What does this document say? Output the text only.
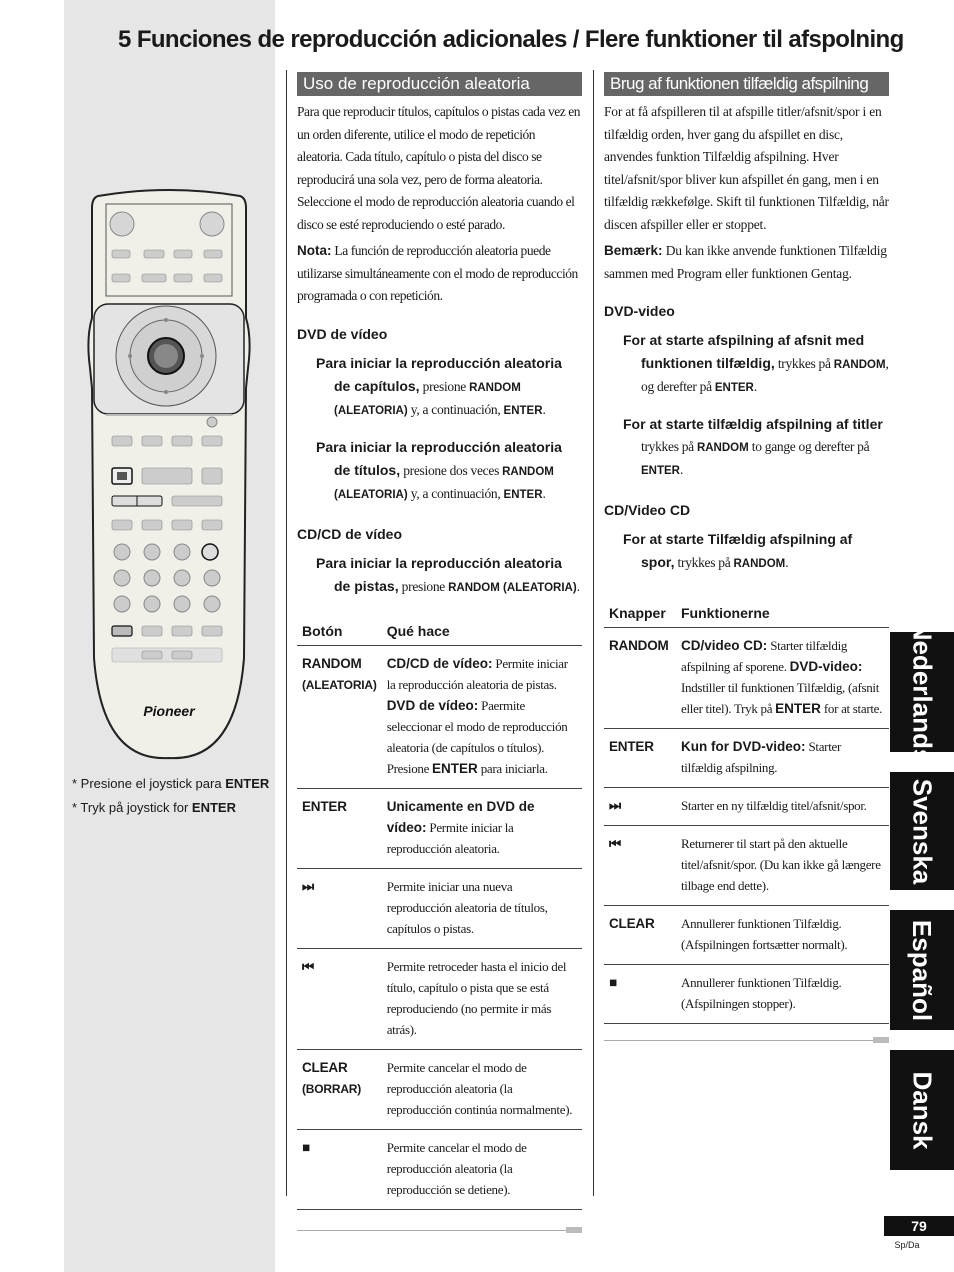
5 Funciones de reproducción adicionales / Flere funktioner til afspolning
Pioneer
* Presione el joystick para ENTER
* Tryk på joystick for ENTER
Uso de reproducción aleatoria

Para que reproducir títulos, capítulos o pistas cada vez en un orden diferente, utilice el modo de repetición aleatoria. Cada título, capítulo o pista del disco se reproducirá una sola vez, pero de forma aleatoria. Seleccione el modo de reproducción aleatoria cuando el disco se esté reproduciendo o esté parado.

Nota: La función de reproducción aleatoria puede utilizarse simultáneamente con el modo de reproducción programada o con repetición.

DVD de vídeo

Para iniciar la reproducción aleatoria de capítulos, presione RANDOM (ALEATORIA) y, a continuación, ENTER.

Para iniciar la reproducción aleatoria de títulos, presione dos veces RANDOM (ALEATORIA) y, a continuación, ENTER.

CD/CD de vídeo

Para iniciar la reproducción aleatoria de pistas, presione RANDOM (ALEATORIA).

Botón	Qué hace
RANDOM
(ALEATORIA)	CD/CD de vídeo: Permite iniciar la reproducción aleatoria de pistas.
DVD de vídeo: Paermite seleccionar el modo de reproducción aleatoria (de capítulos o títulos). Presione ENTER para iniciarla.
ENTER	Unicamente en DVD de vídeo: Permite iniciar la reproducción aleatoria.
⏭	Permite iniciar una nueva reproducción aleatoria de títulos, capítulos o pistas.
⏮	Permite retroceder hasta el inicio del título, capítulo o pista que se está reproduciendo (no permite ir más atrás).
CLEAR
(BORRAR)	Permite cancelar el modo de reproducción aleatoria (la reproducción continúa normalmente).
■	Permite cancelar el modo de reproducción aleatoria (la reproducción se detiene).
Brug af funktionen tilfældig afspilning

For at få afspilleren til at afspille titler/afsnit/spor i en tilfældig orden, hver gang du afspillet en disc, anvendes funktion Tilfældig afspilning. Hver titel/afsnit/spor bliver kun afspillet én gang, men i en tilfældig rækkefølge. Skift til funktionen Tilfældig, når discen afspiller eller er stoppet.

Bemærk: Du kan ikke anvende funktionen Tilfældig sammen med Program eller funktionen Gentag.

DVD-video

For at starte afspilning af afsnit med funktionen tilfældig, trykkes på RANDOM, og derefter på ENTER.

For at starte tilfældig afspilning af titler trykkes på RANDOM to gange og derefter på ENTER.

CD/Video CD

For at starte Tilfældig afspilning af spor, trykkes på RANDOM.

Knapper	Funktionerne
RANDOM	CD/video CD: Starter tilfældig afspilning af sporene. DVD-video: Indstiller til funktionen Tilfældig, (afsnit eller titel). Tryk på ENTER for at starte.
ENTER	Kun for DVD-video: Starter tilfældig afspilning.
⏭	Starter en ny tilfældig titel/afsnit/spor.
⏮	Returnerer til start på den aktuelle titel/afsnit/spor. (Du kan ikke gå længere tilbage end dette).
CLEAR	Annullerer funktionen Tilfældig. (Afspilningen fortsætter normalt).
■	Annullerer funktionen Tilfældig. (Afspilningen stopper).
Nederlands
Svenska
Español
Dansk
79
Sp/Da
